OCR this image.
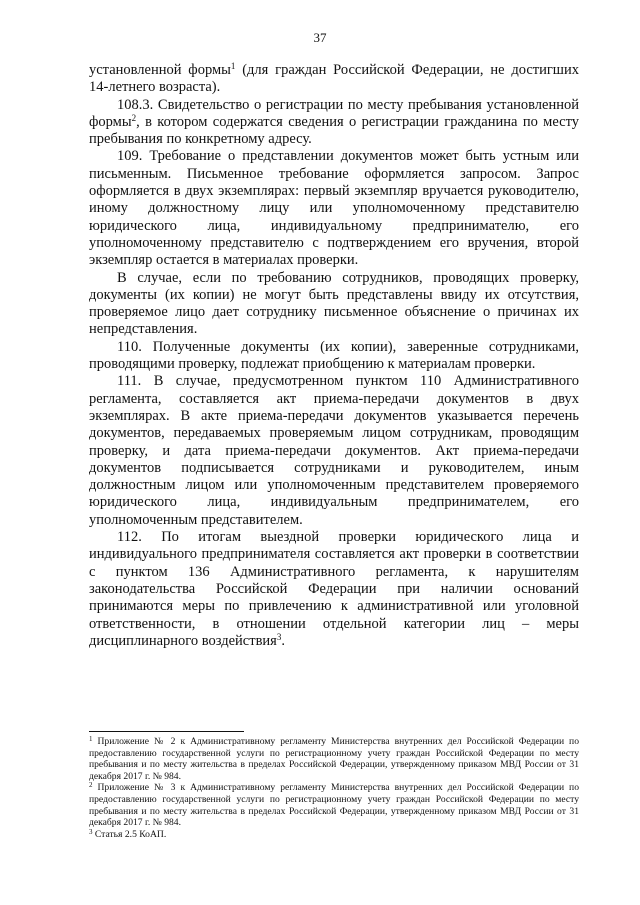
37

установленной формы$^1$ (для граждан Российской Федерации, не достигших 14-летнего возраста).

108.3. Свидетельство о регистрации по месту пребывания установленной формы$^2$, в котором содержатся сведения о регистрации гражданина по месту пребывания по конкретному адресу.

109. Требование о представлении документов может быть устным или письменным. Письменное требование оформляется запросом. Запрос оформляется в двух экземплярах: первый экземпляр вручается руководителю, иному должностному лицу или уполномоченному представителю юридического лица, индивидуальному предпринимателю, его уполномоченному представителю с подтверждением его вручения, второй экземпляр остается в материалах проверки.

В случае, если по требованию сотрудников, проводящих проверку, документы (их копии) не могут быть представлены ввиду их отсутствия, проверяемое лицо дает сотруднику письменное объяснение о причинах их непредставления.

110. Полученные документы (их копии), заверенные сотрудниками, проводящими проверку, подлежат приобщению к материалам проверки.

111. В случае, предусмотренном пунктом 110 Административного регламента, составляется акт приема-передачи документов в двух экземплярах. В акте приема-передачи документов указывается перечень документов, передаваемых проверяемым лицом сотрудникам, проводящим проверку, и дата приема-передачи документов. Акт приема-передачи документов подписывается сотрудниками и руководителем, иным должностным лицом или уполномоченным представителем проверяемого юридического лица, индивидуальным предпринимателем, его уполномоченным представителем.

112. По итогам выездной проверки юридического лица и индивидуального предпринимателя составляется акт проверки в соответствии с пунктом 136 Административного регламента, к нарушителям законодательства Российской Федерации при наличии оснований принимаются меры по привлечению к административной или уголовной ответственности, в отношении отдельной категории лиц – меры дисциплинарного воздействия$^3$.

$^1$ Приложение № 2 к Административному регламенту Министерства внутренних дел Российской Федерации по предоставлению государственной услуги по регистрационному учету граждан Российской Федерации по месту пребывания и по месту жительства в пределах Российской Федерации, утвержденному приказом МВД России от 31 декабря 2017 г. № 984.

$^2$ Приложение № 3 к Административному регламенту Министерства внутренних дел Российской Федерации по предоставлению государственной услуги по регистрационному учету граждан Российской Федерации по месту пребывания и по месту жительства в пределах Российской Федерации, утвержденному приказом МВД России от 31 декабря 2017 г. № 984.

$^3$ Статья 2.5 КоАП.
